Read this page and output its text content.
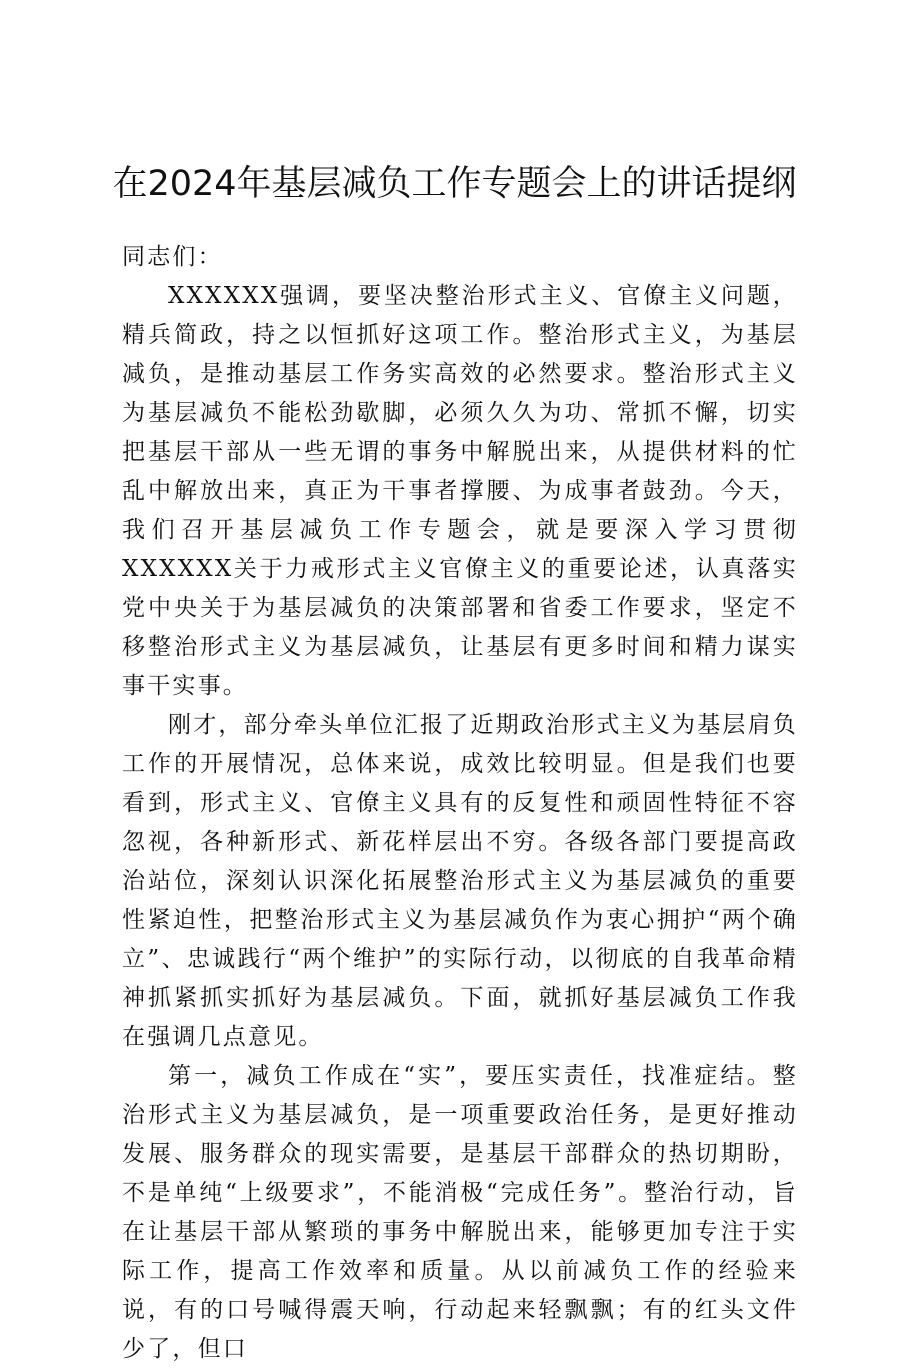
在2024年基层减负工作专题会上的讲话提纲

同志们：

XXXXXX强调，要坚决整治形式主义、官僚主义问题，精兵简政，持之以恒抓好这项工作。整治形式主义，为基层减负，是推动基层工作务实高效的必然要求。整治形式主义为基层减负不能松劲歇脚，必须久久为功、常抓不懈，切实把基层干部从一些无谓的事务中解脱出来，从提供材料的忙乱中解放出来，真正为干事者撑腰、为成事者鼓劲。今天，我们召开基层减负工作专题会，就是要深入学习贯彻XXXXXX关于力戒形式主义官僚主义的重要论述，认真落实党中央关于为基层减负的决策部署和省委工作要求，坚定不移整治形式主义为基层减负，让基层有更多时间和精力谋实事干实事。

刚才，部分牵头单位汇报了近期政治形式主义为基层肩负工作的开展情况，总体来说，成效比较明显。但是我们也要看到，形式主义、官僚主义具有的反复性和顽固性特征不容忽视，各种新形式、新花样层出不穷。各级各部门要提高政治站位，深刻认识深化拓展整治形式主义为基层减负的重要性紧迫性，把整治形式主义为基层减负作为衷心拥护“两个确立”、忠诚践行“两个维护”的实际行动，以彻底的自我革命精神抓紧抓实抓好为基层减负。下面，就抓好基层减负工作我在强调几点意见。

第一，减负工作成在“实”，要压实责任，找准症结。整治形式主义为基层减负，是一项重要政治任务，是更好推动发展、服务群众的现实需要，是基层干部群众的热切期盼，不是单纯“上级要求”，不能消极“完成任务”。整治行动，旨在让基层干部从繁琐的事务中解脱出来，能够更加专注于实际工作，提高工作效率和质量。从以前减负工作的经验来说，有的口号喊得震天响，行动起来轻飘飘；有的红头文件少了，但口
